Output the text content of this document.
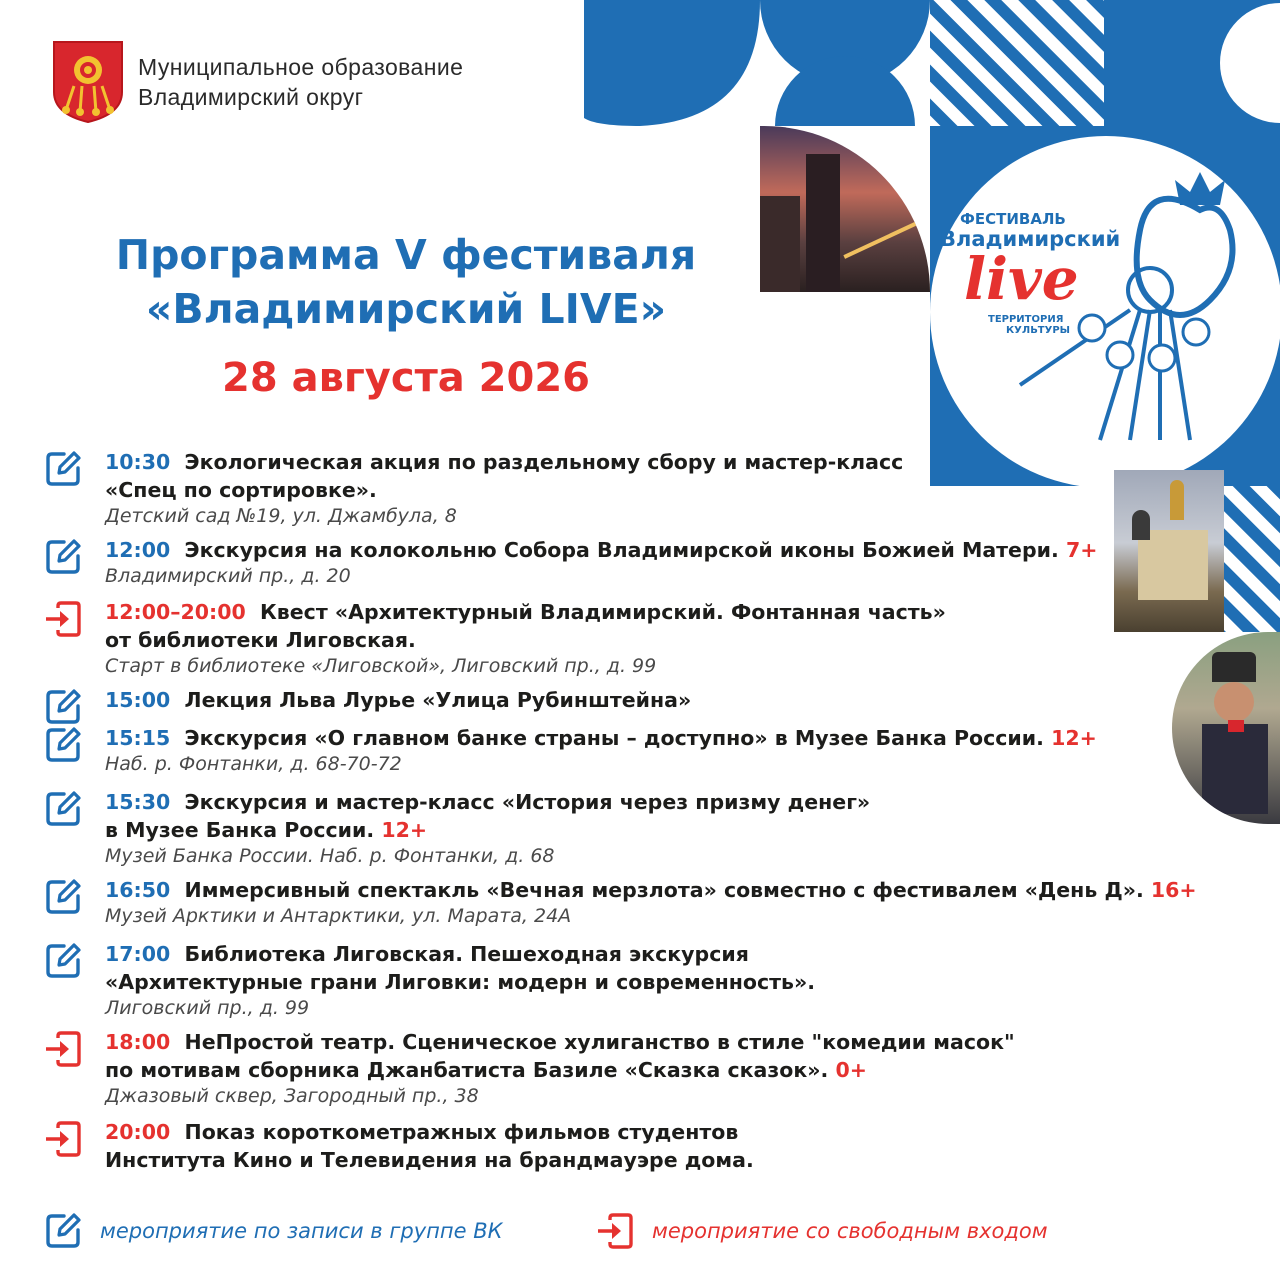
Муниципальное образование
Владимирский округ
ФЕСТИВАЛЬ
Владимирский
live
ТЕРРИТОРИЯ
КУЛЬТУРЫ
Программа V фестиваля
«Владимирский LIVE»
28 августа 2026
10:30 Экологическая акция по раздельному сбору и мастер-класс
«Спец по сортировке».
Детский сад №19, ул. Джамбула, 8
12:00 Экскурсия на колокольню Собора Владимирской иконы Божией Матери. 7+
Владимирский пр., д. 20
12:00–20:00 Квест «Архитектурный Владимирский. Фонтанная часть»
от библиотеки Лиговская.
Старт в библиотеке «Лиговской», Лиговский пр., д. 99
15:00 Лекция Льва Лурье «Улица Рубинштейна»
15:15 Экскурсия «О главном банке страны – доступно» в Музее Банка России. 12+
Наб. р. Фонтанки, д. 68-70-72
15:30 Экскурсия и мастер-класс «История через призму денег»
в Музее Банка России. 12+
Музей Банка России. Наб. р. Фонтанки, д. 68
16:50 Иммерсивный спектакль «Вечная мерзлота» совместно с фестивалем «День Д». 16+
Музей Арктики и Антарктики, ул. Марата, 24А
17:00 Библиотека Лиговская. Пешеходная экскурсия
«Архитектурные грани Лиговки: модерн и современность».
Лиговский пр., д. 99
18:00 НеПростой театр. Сценическое хулиганство в стиле "комедии масок"
по мотивам сборника Джанбатиста Базиле «Сказка сказок». 0+
Джазовый сквер, Загородный пр., 38
20:00 Показ короткометражных фильмов студентов
Института Кино и Телевидения на брандмауэре дома.
мероприятие по записи в группе ВК	мероприятие со свободным входом
